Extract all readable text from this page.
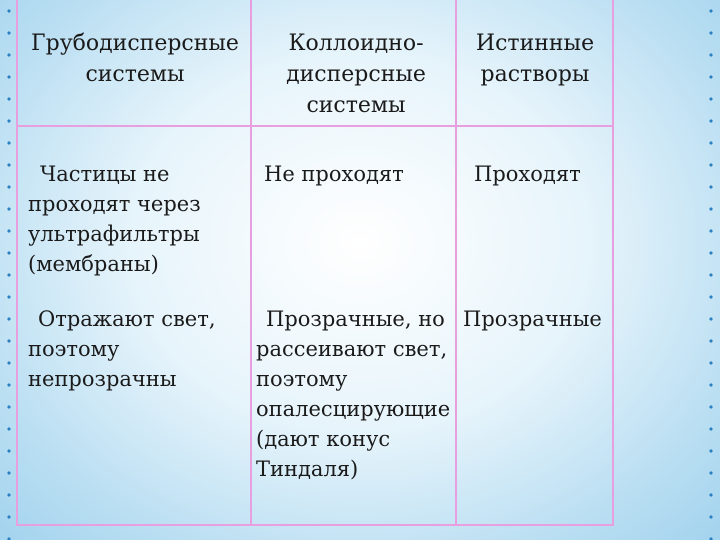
Грубодисперсные системы
Коллоидно-дисперсные системы
Истинные растворы
Частицы не проходят через ультрафильтры (мембраны)
Не проходят	Проходят
Отражают свет, поэтому непрозрачны
Прозрачные, но рассеивают свет, поэтому опалесцирующие (дают конус Тиндаля)
Прозрачные
